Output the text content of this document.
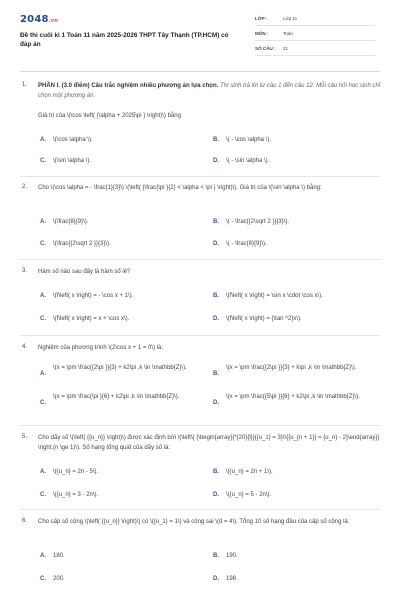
2048.vn
Đề thi cuối kì 1 Toán 11 năm 2025-2026 THPT Tây Thạnh (TP.HCM) có đáp án
LỚP :	Lớp 11
MÔN :	Toán
SỐ CÂU : 21
1. PHẦN I. (3.0 điểm) Câu trắc nghiệm nhiều phương án lựa chọn. Thí sinh trả lời từ câu 1 đến câu 12. Mỗi câu hỏi học sinh chỉ chọn một phương án.
Giá trị của \(\cos \left( {\alpha + 2025\pi } \right)\) bằng
A. \(\cos \alpha \).	B. \( - \cos \alpha \).
C. \(\sin \alpha \).	D. \( - \sin \alpha \).
2. Cho \(\cos \alpha = - \frac{1}{3}\) \(\left( {\frac{\pi }{2} < \alpha < \pi } \right)\). Giá trị của \(\sin \alpha \) bằng:
A. \(\frac{8}{9}\).	B. \( - \frac{{2\sqrt 2 }}{3}\).
C. \(\frac{{2\sqrt 2 }}{3}\).	D. \( - \frac{8}{9}\).
3. Hàm số nào sau đây là hàm số lẻ?
A. \(f\left( x \right) = - \cos x + 1\).	B. \(f\left( x \right) = \sin x \cdot \cos x\).
C. \(f\left( x \right) = x + \cos x\).	D. \(f\left( x \right) = {\tan ^2}x\).
4. Nghiệm của phương trình \(2\cos x + 1 = 0\) là:
A.
\(x = \pm \frac{{2\pi }}{3} + k2\pi ,k \in \mathbb{Z}\).
B.
\(x = \pm \frac{{2\pi }}{3} + k\pi ,k \in \mathbb{Z}\).
C.
\(x = \pm \frac{\pi }{6} + k2\pi ,k \in \mathbb{Z}\).
D.
\(x = \pm \frac{{5\pi }}{6} + k2\pi ,k \in \mathbb{Z}\).
5. Cho dãy số \(\left( {{u_n}} \right)\) được xác định bởi \(\left\{ {\begin{array}{*{20}{l}}{{u_1} = 3}\\{{u_{n + 1}} = {u_n} - 2}\end{array}} \right.(n \ge 1)\). Số hạng tổng quát của dãy số là:
A. \({u_n} = 2n - 5\).	B. \({u_n} = 2n + 1\).
C. \({u_n} = 3 - 2n\).	D. \({u_n} = 5 - 2n\).
6. Cho cấp số cộng \(\left( {{u_n}} \right)\) có \({u_1} = 1\) và công sai \(d = 4\). Tổng 10 số hạng đầu của cấp số cộng là:
A. 180.	B. 190.
C. 200.	D. 198.
